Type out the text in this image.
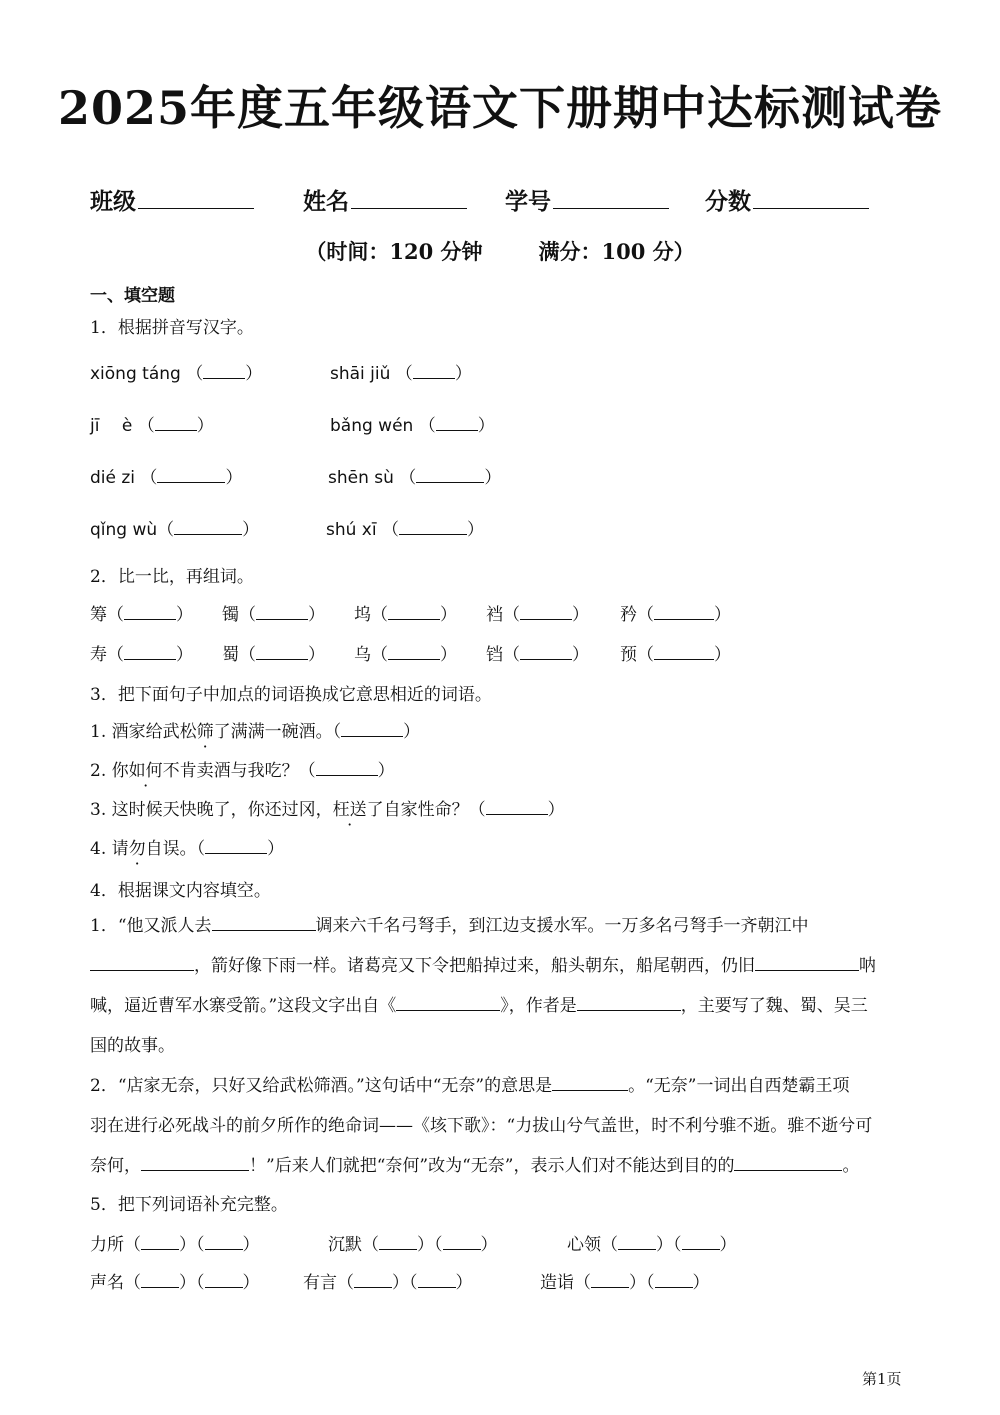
2025年度五年级语文下册期中达标测试卷
班级	姓名	学号	分数
（时间：120 分钟	满分：100 分）
一、填空题
1．根据拼音写汉字。
xiōng táng （ ）	shāi jiǔ （ ）
jī　 è （ ）	bǎng wén （ ）
dié zi （	）	shēn sù （	）
qǐng wù（	）	shú xī （	）
2．比一比，再组词。
筹（	） 镯（	） 坞（	） 裆（	） 矜（	）
寿（	） 蜀（	） 乌（	） 铛（	） 预（	）
3．把下面句子中加点的词语换成它意思相近的词语。
1. 酒家给武松筛了满满一碗酒。（	）
2. 你如何不肯卖酒与我吃？（	）
3. 这时候天快晚了，你还过冈，枉送了自家性命？（	）
4. 请勿自误。（	）
4．根据课文内容填空。
1．“他又派人去	调来六千名弓弩手，到江边支援水军。一万多名弓弩手一齐朝江中
，箭好像下雨一样。诸葛亮又下令把船掉过来，船头朝东，船尾朝西，仍旧	呐
喊，逼近曹军水寨受箭。”这段文字出自《	》，作者是	，主要写了魏、蜀、吴三
国的故事。
2．“店家无奈，只好又给武松筛酒。”这句话中“无奈”的意思是	。“无奈”一词出自西楚霸王项
羽在进行必死战斗的前夕所作的绝命词——《垓下歌》：“力拔山兮气盖世，时不利兮骓不逝。骓不逝兮可
奈何，	！”后来人们就把“奈何”改为“无奈”，表示人们对不能达到目的的	。
5．把下列词语补充完整。
力所（ ）（ ）	沉默（ ）（ ）	心领（ ）（ ）
声名（ ）（ ）	有言（ ）（ ）	造诣（ ）（ ）
第1页
